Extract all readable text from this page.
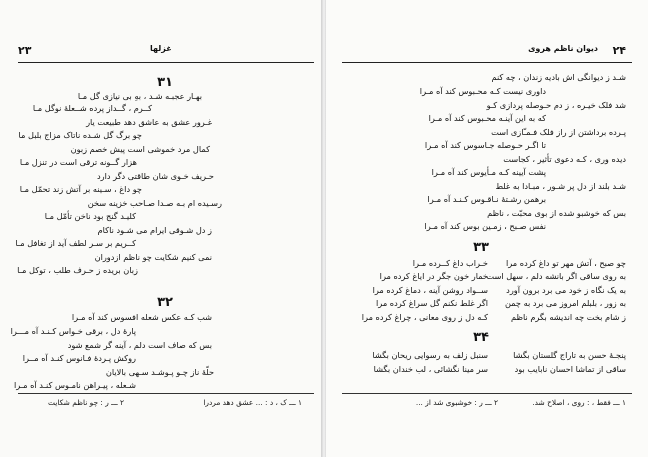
۲۳	غزلها
۳۱
بهـار عجبـه شـد ، بهِ بی نیازی گل مـا
کــرم ، گــداز پرده شــعلهٔ نوگل مـا
غـرور عشق به عاشق دهد طبیعت یار
چو برگ گل شـده ناتاک مزاج بلبل ما
کمال مرد خموشی است پیش خصم زبون
هزار گــونه ترقی است در تنزل مـا
حـریف خـوی شان طاقتی دگر دارد
چو داغ ، سـینه بر آتش زند تحمّل مـا
رسـیده ام بـه صـدا صـاحب خزینه سخن
کلیـد گنج بود ناخن تأمّل مـا
ز دل شـوقی ایرام می شـود ناکام
کــریم بر سـر لطف آید از تغافل مـا
نمی کنیم شکایت چو ناظم ازدوران
زبان بریده ز حـرف طلب ، توکل مـا
۳۲
شب کـه عکس شعله افسوس کند آه مـرا
پارهٔ دل ، برقی خـواس کـنـد آه مـــرا
بس که صاف است دلم ، آینه گر شمع شود
روکش پـردهٔ فـانوس کنـد آه مــرا
حلّهٔ ناز چـو پـوشـد سـهی بالایان
شـعله ، پیـراهن نامـوس کنـد آه مـرا
۱ ـــ ک ، د : ... عشق دهد مردرا
۲ ـــ ر : چو ناظم شکایت
۲۴
دیوان ناظم هروی
شـد ز دیوانگی اش بادیه زندان ، چه کنم
داوری نیست کـه محـبوس کند آه مـرا
شد فلک خیـره ، ز دم حـوصله پردازی کـو
که به این آینـه محـبوس کند آه مـرا
پـرده برداشتن از راز فلک فـمـّازی است
تا اگـر حـوصله جـاسوس کند آه مـرا
دیده وری ، کـه دعوی تأثیر ، کجاست
پشت آیینه کـه مـأیوس کند آه مـرا
شـد بلند از دل پر شـور ، مبـادا به غلط
برهمن رشـتهٔ نـاقـوس کـنـد آه مـرا
بس که خوشبو شده از بوی محبّت ، ناظم
نفس صـبح ، زمـین بوس کند آه مـرا
۳۳
چو صبح ، آتش مهر تو داغ کرده مرا
به روی ساقی اگر بانشه دلم ، سهل است
به یک نگاه ز خود می برد برون آورد
به زور ، بلبلم امروز می برد به چمن
ز شام بخت چه اندیشه بگرم ناظم
خـراب داغ کــرده مـرا
خمار خون جگر در ایاغ کرده مرا
ســواد روشن آینه ، دماغ کرده مرا
اگر غلط نکنم گل سراغ کرده مرا
کـه دل ز روی معانی ، چراغ کرده مرا
۳۴
پنجـهٔ حسن به تاراج گلستان بگشا
ساقی از تماشا احسان نابایب بود
سنبل زلف به رسوایی ریحان بگشا
سر مینا نگشائی ، لب خندان بگشا
۱ ـــ فقط ، : روی ، اصلاح شد.
۲ ـــ ر : خوشبوی شد از ...
